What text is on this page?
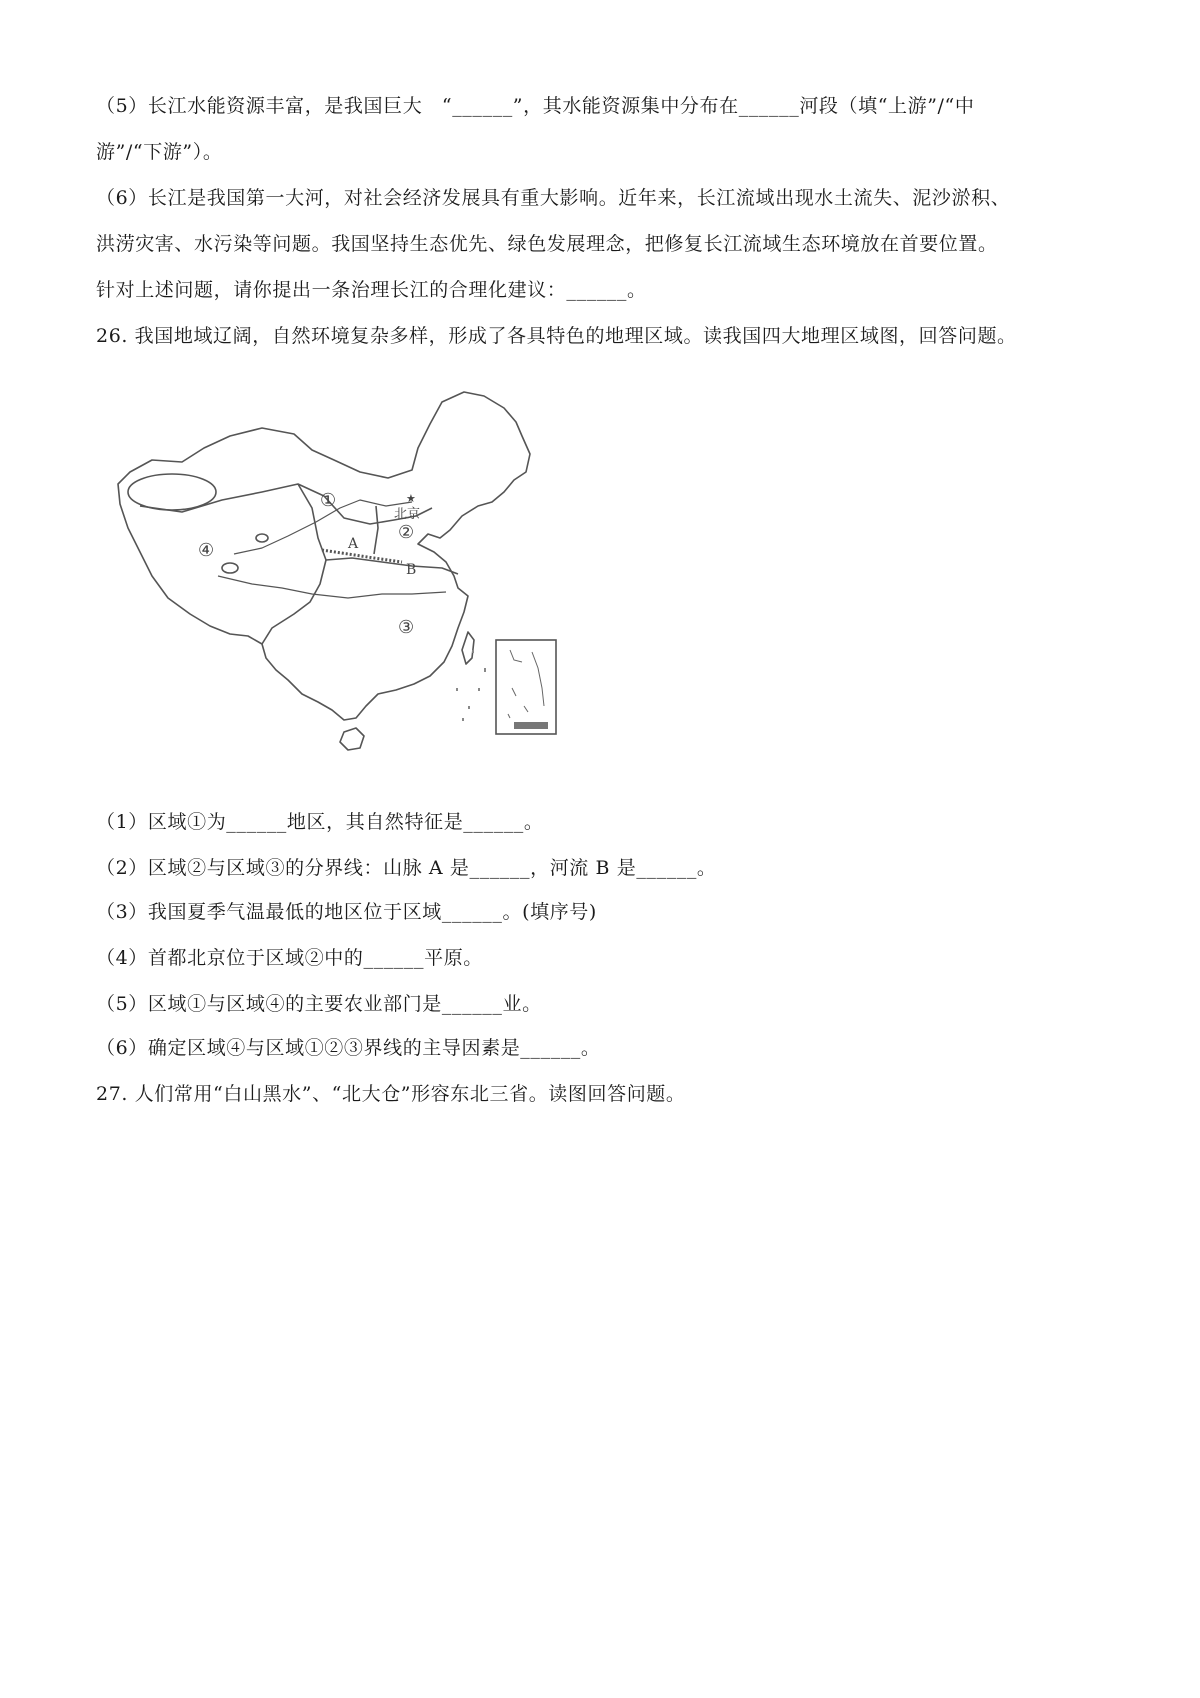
（5）长江水能资源丰富，是我国巨大　“______”，其水能资源集中分布在______河段（填“上游”/“中
游”/“下游”）。
（6）长江是我国第一大河，对社会经济发展具有重大影响。近年来，长江流域出现水土流失、泥沙淤积、
洪涝灾害、水污染等问题。我国坚持生态优先、绿色发展理念，把修复长江流域生态环境放在首要位置。
针对上述问题，请你提出一条治理长江的合理化建议：______。
26. 我国地域辽阔，自然环境复杂多样，形成了各具特色的地理区域。读我国四大地理区域图，回答问题。
①
②
③
④	A
B
北京
★
（1）区域①为______地区，其自然特征是______。
（2）区域②与区域③的分界线：山脉 A 是______，河流 B 是______。
（3）我国夏季气温最低的地区位于区域______。(填序号)
（4）首都北京位于区域②中的______平原。
（5）区域①与区域④的主要农业部门是______业。
（6）确定区域④与区域①②③界线的主导因素是______。
27. 人们常用“白山黑水”、“北大仓”形容东北三省。读图回答问题。
